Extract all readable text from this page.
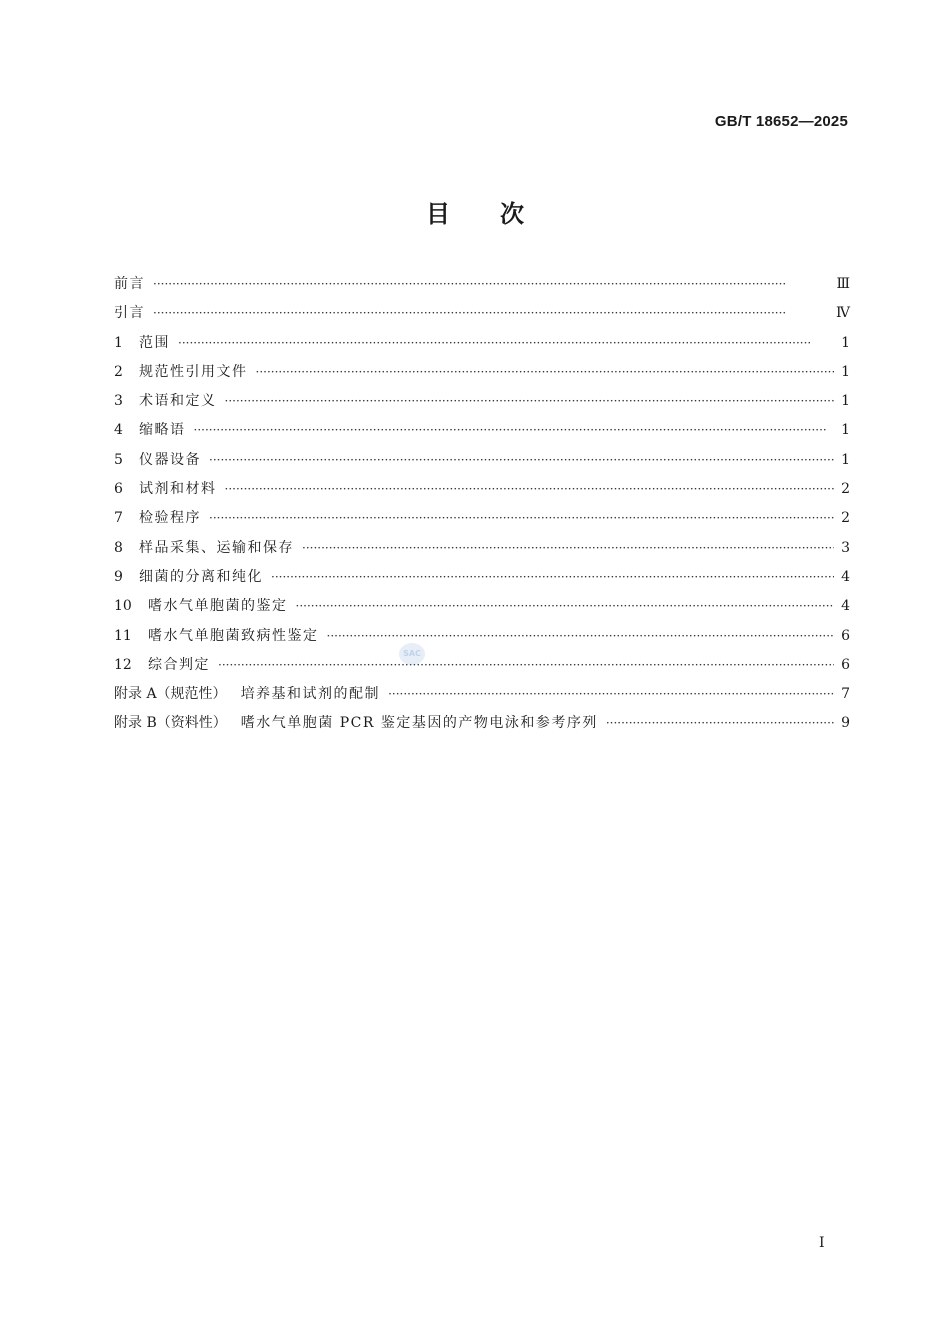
GB/T 18652—2025
目次
前言 ·····	Ⅲ
引言 ·····	Ⅳ
1	范围 ·····	1
2	规范性引用文件 ·····	1
3	术语和定义 ·····	1
4	缩略语 ·····	1
5	仪器设备 ·····	1
6	试剂和材料 ·····	2
7	检验程序 ·····	2
8	样品采集、运输和保存 ·····	3
9	细菌的分离和纯化 ·····	4
10	嗜水气单胞菌的鉴定 ·····	4
11	嗜水气单胞菌致病性鉴定 ·····	6
12	综合判定 ·····	6
附录 A（规范性） 培养基和试剂的配制 ·····	7
附录 B（资料性） 嗜水气单胞菌 PCR 鉴定基因的产物电泳和参考序列 ·····	9
SAC
I
